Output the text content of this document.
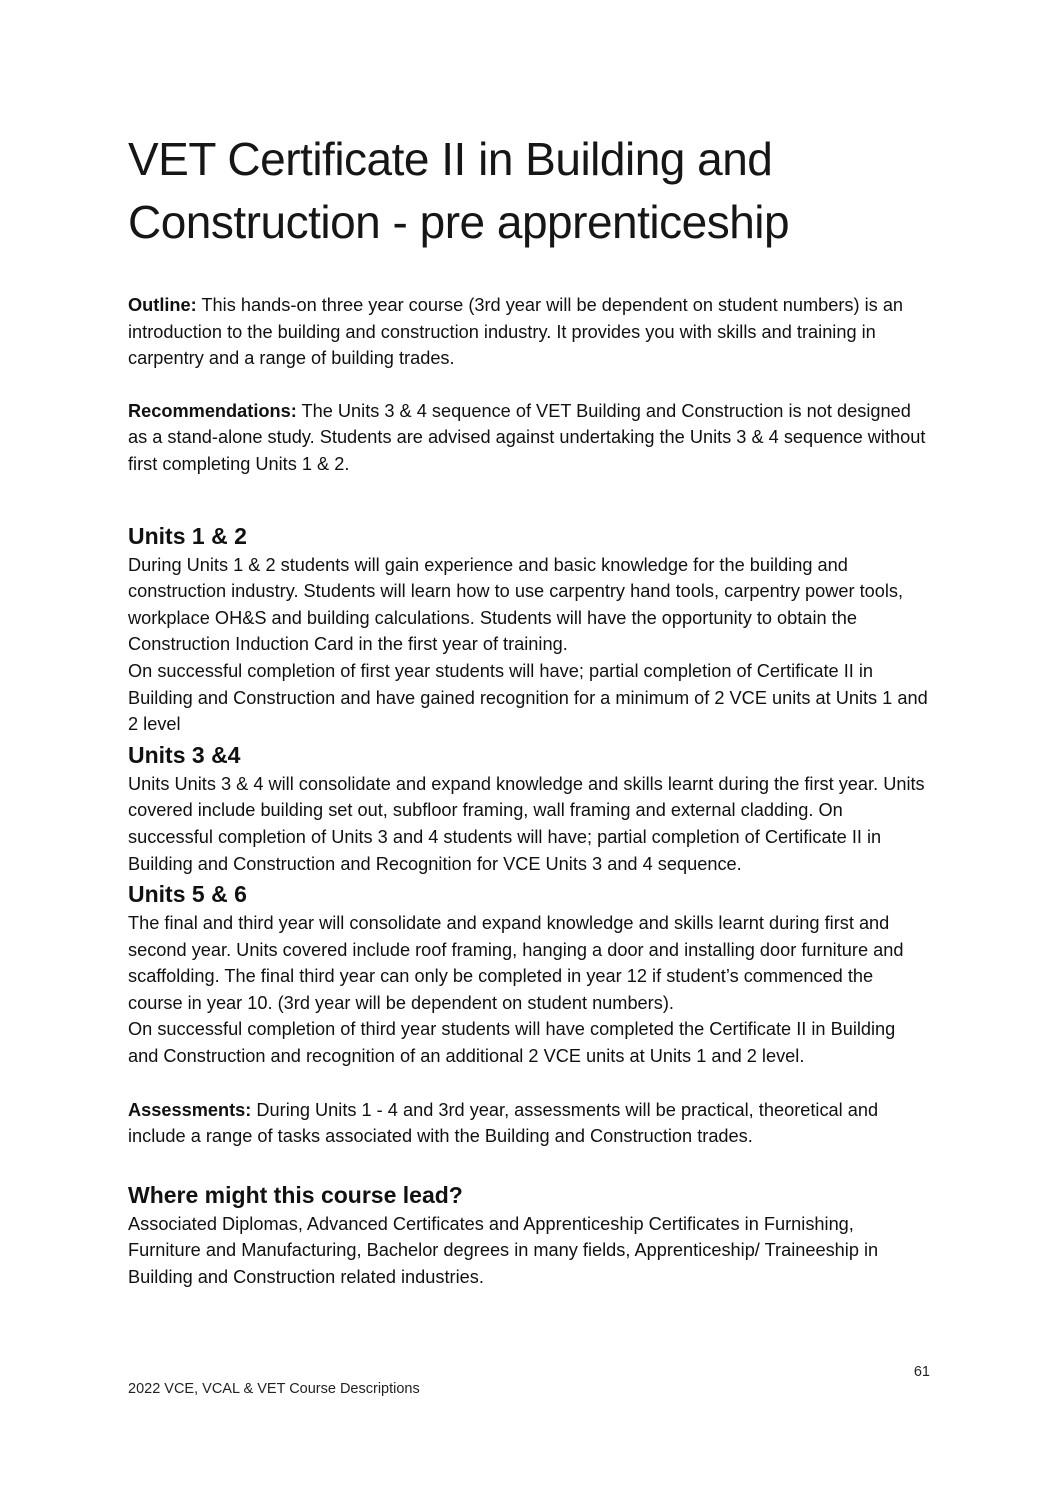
VET Certificate II in Building and
Construction - pre apprenticeship

Outline: This hands-on three year course (3rd year will be dependent on student numbers) is an introduction to the building and construction industry. It provides you with skills and training in carpentry and a range of building trades.

Recommendations: The Units 3 & 4 sequence of VET Building and Construction is not designed as a stand-alone study. Students are advised against undertaking the Units 3 & 4 sequence without first completing Units 1 & 2.

Units 1 & 2

During Units 1 & 2 students will gain experience and basic knowledge for the building and construction industry. Students will learn how to use carpentry hand tools, carpentry power tools, workplace OH&S and building calculations. Students will have the opportunity to obtain the Construction Induction Card in the first year of training.

On successful completion of first year students will have; partial completion of Certificate II in Building and Construction and have gained recognition for a minimum of 2 VCE units at Units 1 and 2 level

Units 3 &4

Units Units 3 & 4 will consolidate and expand knowledge and skills learnt during the first year. Units covered include building set out, subfloor framing, wall framing and external cladding. On successful completion of Units 3 and 4 students will have; partial completion of Certificate II in Building and Construction and Recognition for VCE Units 3 and 4 sequence.

Units 5 & 6

The final and third year will consolidate and expand knowledge and skills learnt during first and second year. Units covered include roof framing, hanging a door and installing door furniture and scaffolding. The final third year can only be completed in year 12 if student’s commenced the course in year 10. (3rd year will be dependent on student numbers).

On successful completion of third year students will have completed the Certificate II in Building and Construction and recognition of an additional 2 VCE units at Units 1 and 2 level.

Assessments: During Units 1 - 4 and 3rd year, assessments will be practical, theoretical and include a range of tasks associated with the Building and Construction trades.

Where might this course lead?

Associated Diplomas, Advanced Certificates and Apprenticeship Certificates in Furnishing, Furniture and Manufacturing, Bachelor degrees in many fields, Apprenticeship/ Traineeship in Building and Construction related industries.

61
2022 VCE, VCAL & VET Course Descriptions
